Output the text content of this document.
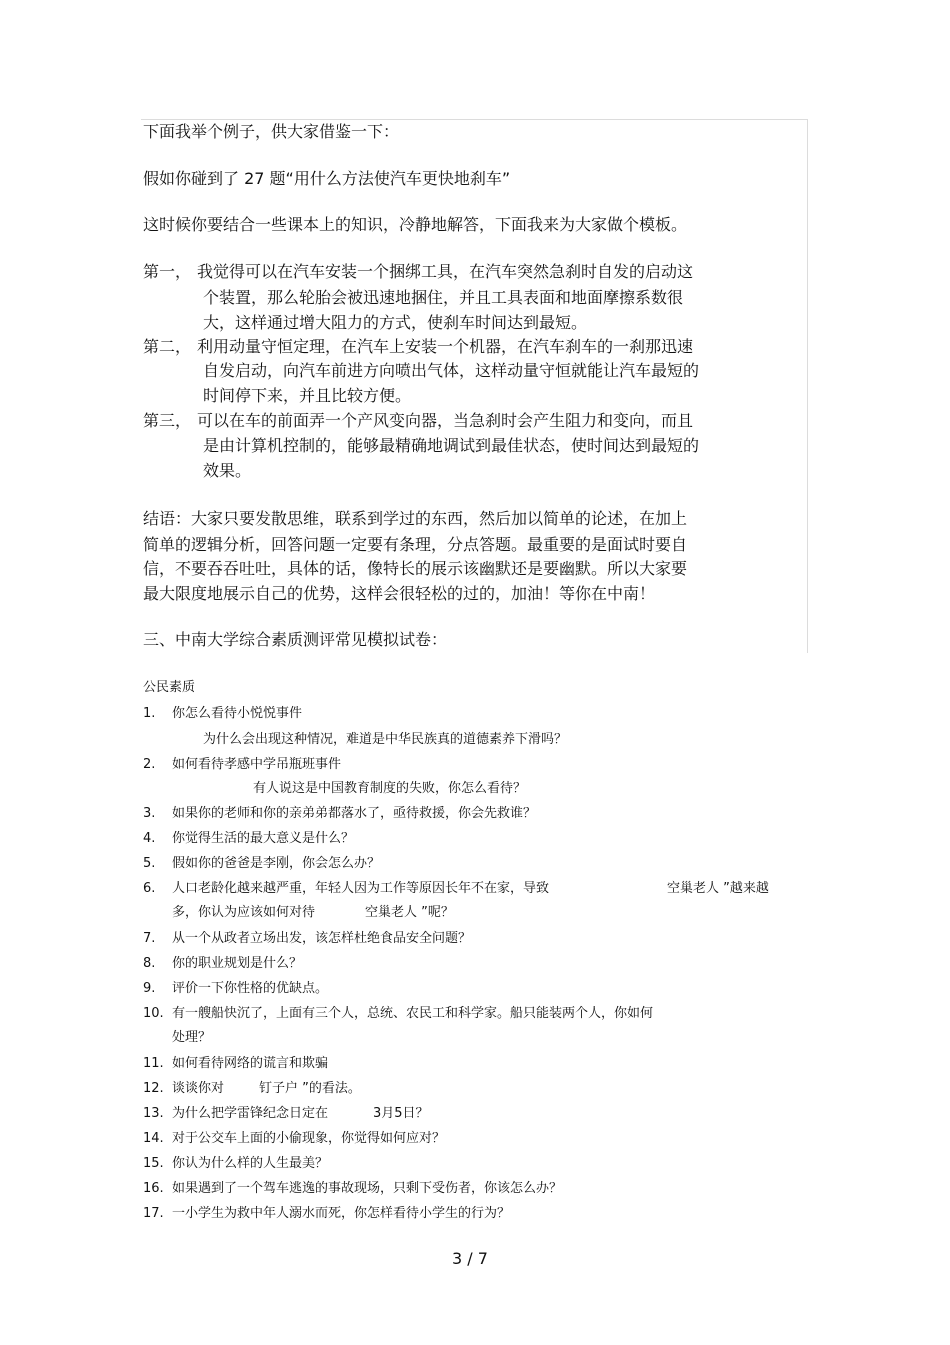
下面我举个例子，供大家借鉴一下：
假如你碰到了 27 题“用什么方法使汽车更快地刹车”
这时候你要结合一些课本上的知识，冷静地解答，下面我来为大家做个模板。
第一， 我觉得可以在汽车安装一个捆绑工具，在汽车突然急刹时自发的启动这
个装置，那么轮胎会被迅速地捆住，并且工具表面和地面摩擦系数很
大，这样通过增大阻力的方式，使刹车时间达到最短。
第二， 利用动量守恒定理，在汽车上安装一个机器，在汽车刹车的一刹那迅速
自发启动，向汽车前进方向喷出气体，这样动量守恒就能让汽车最短的
时间停下来，并且比较方便。
第三， 可以在车的前面弄一个产风变向器，当急刹时会产生阻力和变向，而且
是由计算机控制的，能够最精确地调试到最佳状态，使时间达到最短的
效果。
结语：大家只要发散思维，联系到学过的东西，然后加以简单的论述，在加上
简单的逻辑分析，回答问题一定要有条理，分点答题。最重要的是面试时要自
信，不要吞吞吐吐，具体的话，像特长的展示该幽默还是要幽默。所以大家要
最大限度地展示自己的优势，这样会很轻松的过的，加油！等你在中南！
三、中南大学综合素质测评常见模拟试卷：
公民素质
1. 你怎么看待小悦悦事件
为什么会出现这种情况，难道是中华民族真的道德素养下滑吗？
2. 如何看待孝感中学吊瓶班事件
有人说这是中国教育制度的失败，你怎么看待？
3. 如果你的老师和你的亲弟弟都落水了，亟待救援，你会先救谁？
4. 你觉得生活的最大意义是什么？
5. 假如你的爸爸是李刚，你会怎么办？
6. 人口老龄化越来越严重，年轻人因为工作等原因长年不在家，导致	空巢老人 ”越来越
多，你认为应该如何对待	空巢老人 ”呢？
7. 从一个从政者立场出发，该怎样杜绝食品安全问题？
8. 你的职业规划是什么？
9. 评价一下你性格的优缺点。
10. 有一艘船快沉了，上面有三个人，总统、农民工和科学家。船只能装两个人，你如何
处理？
11. 如何看待网络的谎言和欺骗
12. 谈谈你对	钉子户 ”的看法。
13. 为什么把学雷锋纪念日定在	3月5日？
14. 对于公交车上面的小偷现象，你觉得如何应对？
15. 你认为什么样的人生最美？
16. 如果遇到了一个驾车逃逸的事故现场，只剩下受伤者，你该怎么办？
17. 一小学生为救中年人溺水而死，你怎样看待小学生的行为？
3 / 7
